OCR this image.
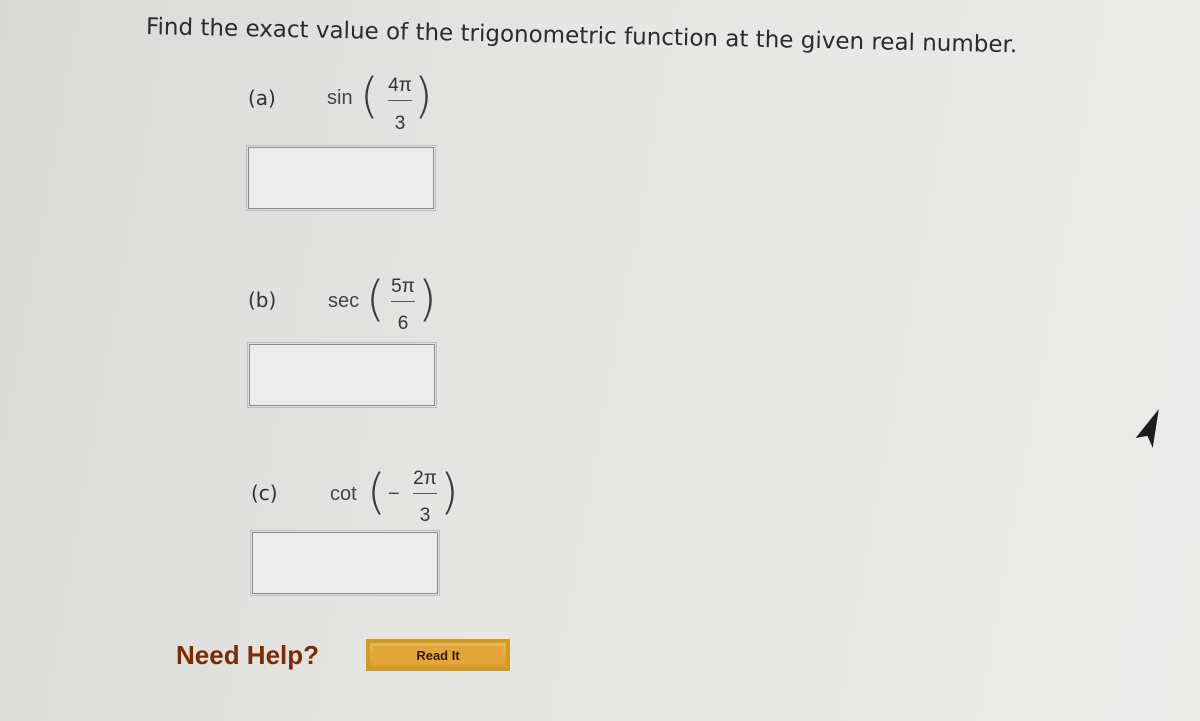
Find the exact value of the trigonometric function at the given real number.
(a)	sin ( 4π
3 )
(b)	sec ( 5π
6 )
(c)	cot ( −
2π
3 )
Need Help?	Read It
